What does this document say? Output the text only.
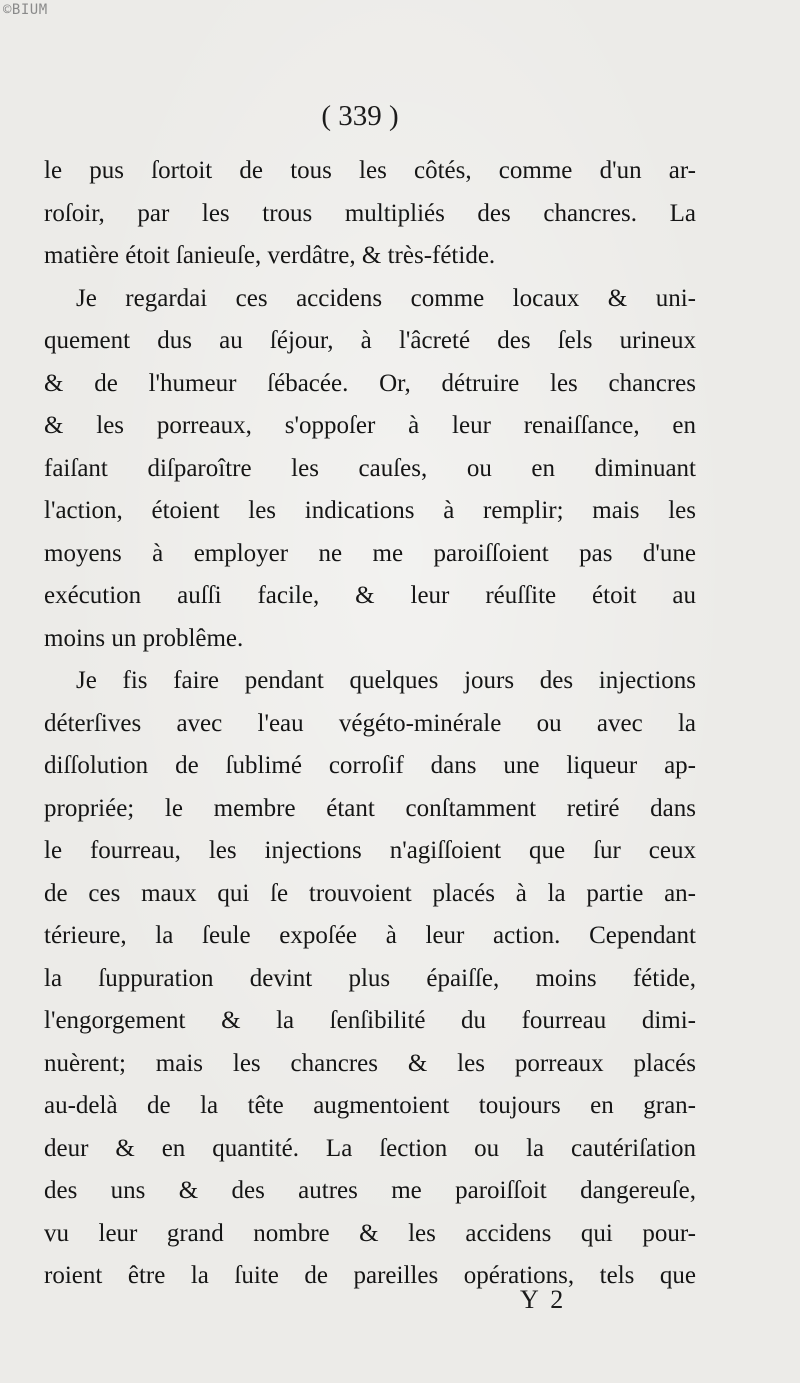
©BIUM
( 339 )
le pus ſortoit de tous les côtés, comme d'un ar-
roſoir, par les trous multipliés des chancres. La
matière étoit ſanieuſe, verdâtre, & très-fétide.
Je regardai ces accidens comme locaux & uni-
quement dus au ſéjour, à l'âcreté des ſels urineux
& de l'humeur ſébacée. Or, détruire les chancres
& les porreaux, s'oppoſer à leur renaiſſance, en
faiſant diſparoître les cauſes, ou en diminuant
l'action, étoient les indications à remplir; mais les
moyens à employer ne me paroiſſoient pas d'une
exécution auſſi facile, & leur réuſſite étoit au
moins un problême.
Je fis faire pendant quelques jours des injections
déterſives avec l'eau végéto-minérale ou avec la
diſſolution de ſublimé corroſif dans une liqueur ap-
propriée; le membre étant conſtamment retiré dans
le fourreau, les injections n'agiſſoient que ſur ceux
de ces maux qui ſe trouvoient placés à la partie an-
térieure, la ſeule expoſée à leur action. Cependant
la ſuppuration devint plus épaiſſe, moins fétide,
l'engorgement & la ſenſibilité du fourreau dimi-
nuèrent; mais les chancres & les porreaux placés
au-delà de la tête augmentoient toujours en gran-
deur & en quantité. La ſection ou la cautériſation
des uns & des autres me paroiſſoit dangereuſe,
vu leur grand nombre & les accidens qui pour-
roient être la ſuite de pareilles opérations, tels que
Y 2
